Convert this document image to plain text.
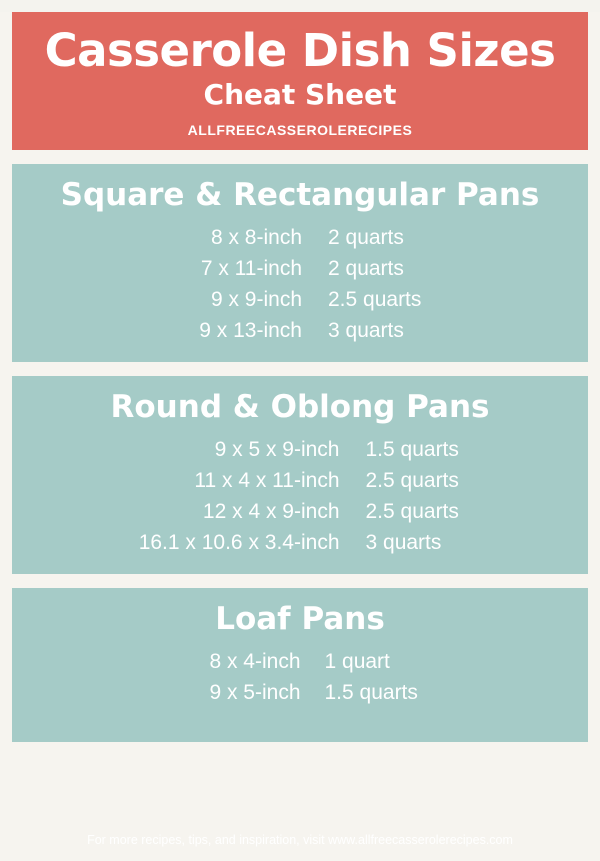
Casserole Dish Sizes
Cheat Sheet
ALLFREECASSEROLERECIPES
Square & Rectangular Pans
8 x 8-inch	2 quarts
7 x 11-inch	2 quarts
9 x 9-inch	2.5 quarts
9 x 13-inch	3 quarts
Round & Oblong Pans
9 x 5 x 9-inch	1.5 quarts
11 x 4 x 11-inch	2.5 quarts
12 x 4 x 9-inch	2.5 quarts
16.1 x 10.6 x 3.4-inch	3 quarts
Loaf Pans
8 x 4-inch	1 quart
9 x 5-inch	1.5 quarts
For more recipes, tips, and inspiration, visit www.allfreecasserolerecipes.com
